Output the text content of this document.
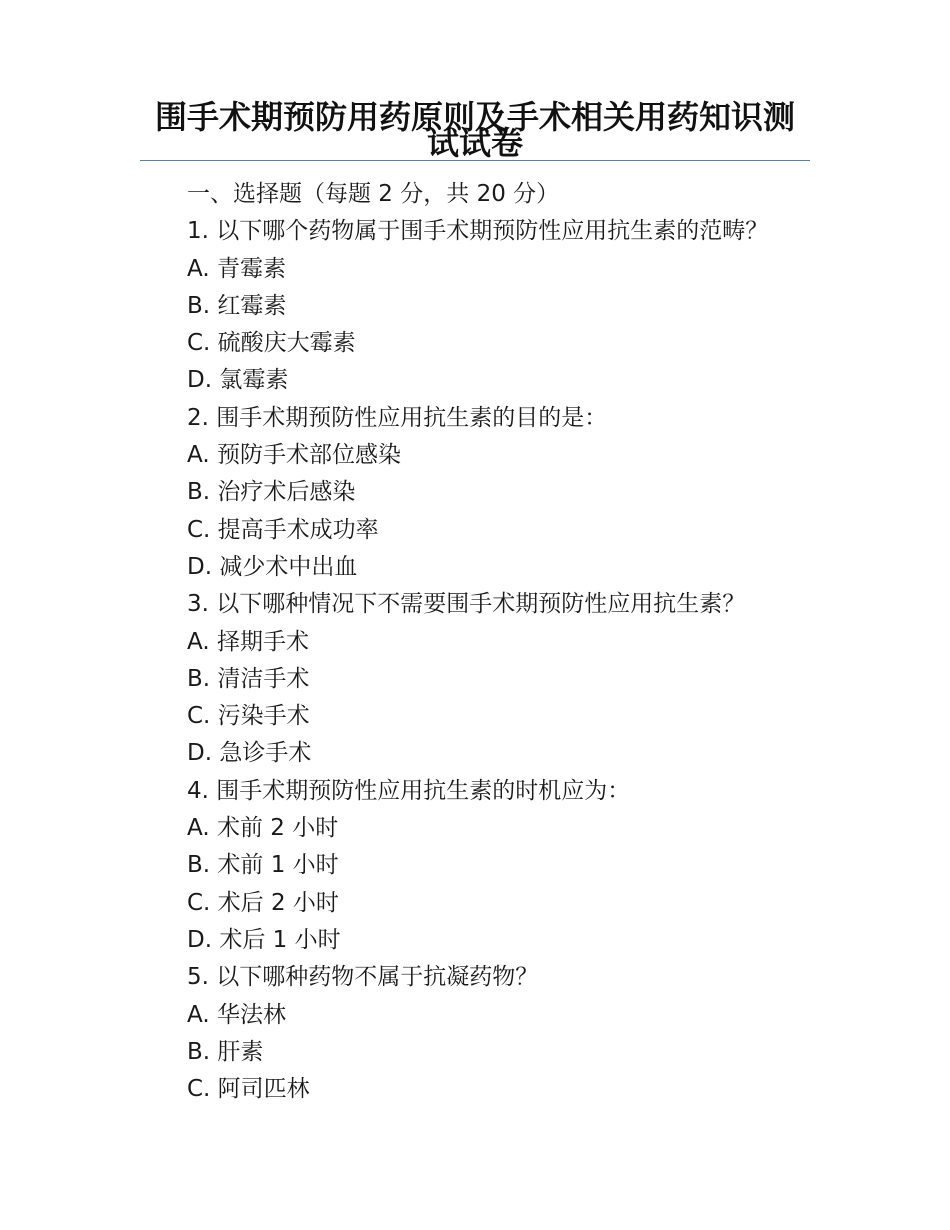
围手术期预防用药原则及手术相关用药知识测试试卷
一、选择题（每题 2 分，共 20 分）
1. 以下哪个药物属于围手术期预防性应用抗生素的范畴？
A. 青霉素
B. 红霉素
C. 硫酸庆大霉素
D. 氯霉素
2. 围手术期预防性应用抗生素的目的是：
A. 预防手术部位感染
B. 治疗术后感染
C. 提高手术成功率
D. 减少术中出血
3. 以下哪种情况下不需要围手术期预防性应用抗生素？
A. 择期手术
B. 清洁手术
C. 污染手术
D. 急诊手术
4. 围手术期预防性应用抗生素的时机应为：
A. 术前 2 小时
B. 术前 1 小时
C. 术后 2 小时
D. 术后 1 小时
5. 以下哪种药物不属于抗凝药物？
A. 华法林
B. 肝素
C. 阿司匹林
